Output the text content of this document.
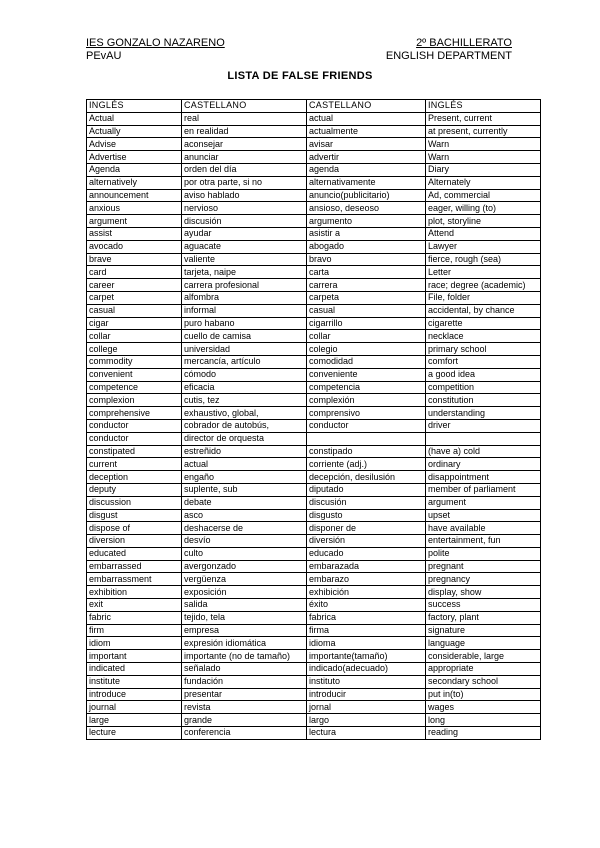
IES GONZALO NAZARENO	2º BACHILLERATO
PEvAU	ENGLISH DEPARTMENT
LISTA DE FALSE FRIENDS
INGLÉS	CASTELLANO	CASTELLANO	INGLÉS
Actual	real	actual	Present, current
Actually	en realidad	actualmente	at present, currently
Advise	aconsejar	avisar	Warn
Advertise	anunciar	advertir	Warn
Agenda	orden del día	agenda	Diary
alternatively	por otra parte, si no	alternativamente	Alternately
announcement	aviso hablado	anuncio(publicitario)	Ad, commercial
anxious	nervioso	ansioso, deseoso	eager, willing (to)
argument	discusión	argumento	plot, storyline
assist	ayudar	asistir a	Attend
avocado	aguacate	abogado	Lawyer
brave	valiente	bravo	fierce, rough (sea)
card	tarjeta, naipe	carta	Letter
career	carrera profesional	carrera	race; degree (academic)
carpet	alfombra	carpeta	File, folder
casual	informal	casual	accidental, by chance
cigar	puro habano	cigarrillo	cigarette
collar	cuello de camisa	collar	necklace
college	universidad	colegio	primary school
commodity	mercancía, artículo	comodidad	comfort
convenient	cómodo	conveniente	a good idea
competence	eficacia	competencia	competition
complexion	cutis, tez	complexión	constitution
comprehensive	exhaustivo, global,	comprensivo	understanding
conductor	cobrador de autobús,	conductor	driver
conductor	director de orquesta		
constipated	estreñido	constipado	(have a) cold
current	actual	corriente (adj.)	ordinary
deception	engaño	decepción, desilusión	disappointment
deputy	suplente, sub	diputado	member of parliament
discussion	debate	discusión	argument
disgust	asco	disgusto	upset
dispose of	deshacerse de	disponer de	have available
diversion	desvío	diversión	entertainment, fun
educated	culto	educado	polite
embarrassed	avergonzado	embarazada	pregnant
embarrassment	vergüenza	embarazo	pregnancy
exhibition	exposición	exhibición	display, show
exit	salida	éxito	success
fabric	tejido, tela	fabrica	factory, plant
firm	empresa	firma	signature
idiom	expresión idiomática	idioma	language
important	importante (no de tamaño)	importante(tamaño)	considerable, large
indicated	señalado	indicado(adecuado)	appropriate
institute	fundación	instituto	secondary school
introduce	presentar	introducir	put in(to)
journal	revista	jornal	wages
large	grande	largo	long
lecture	conferencia	lectura	reading
